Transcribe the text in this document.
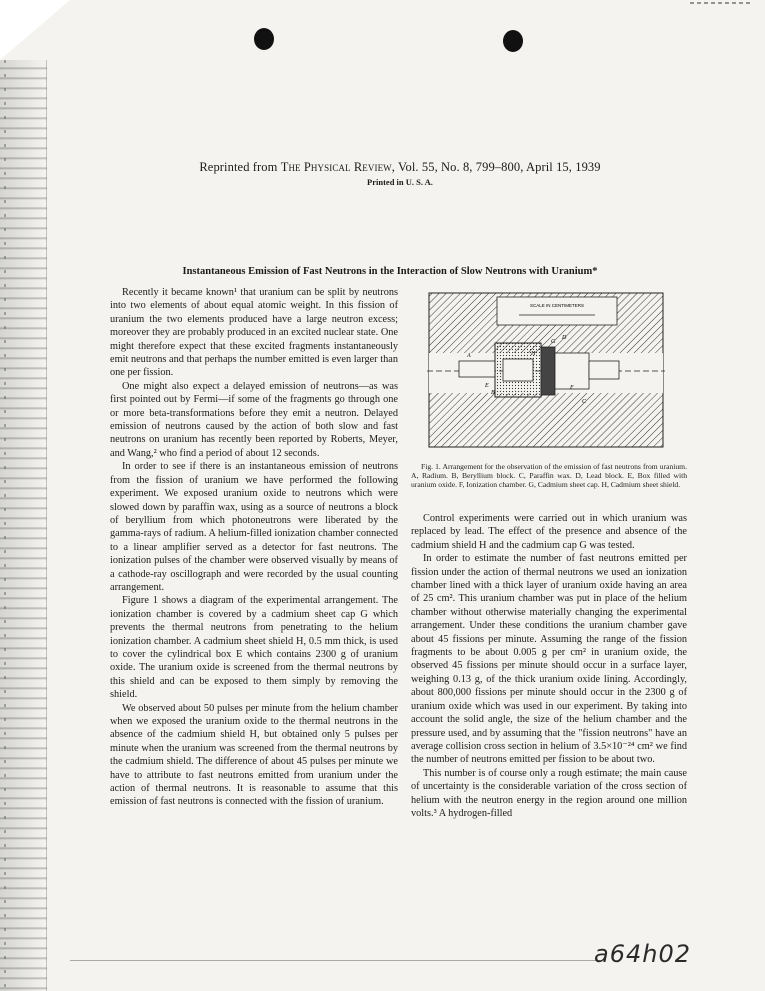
Reprinted from The Physical Review, Vol. 55, No. 8, 799–800, April 15, 1939
Printed in U. S. A.
Instantaneous Emission of Fast Neutrons in the Interaction of Slow Neutrons with Uranium*

Recently it became known¹ that uranium can be split by neutrons into two elements of about equal atomic weight. In this fission of uranium the two elements produced have a large neutron excess; moreover they are probably produced in an excited nuclear state. One might therefore expect that these excited fragments instantaneously emit neutrons and that perhaps the number emitted is even larger than one per fission.

One might also expect a delayed emission of neutrons—as was first pointed out by Fermi—if some of the fragments go through one or more beta-transformations before they emit a neutron. Delayed emission of neutrons caused by the action of both slow and fast neutrons on uranium has recently been reported by Roberts, Meyer, and Wang,² who find a period of about 12 seconds.

In order to see if there is an instantaneous emission of neutrons from the fission of uranium we have performed the following experiment. We exposed uranium oxide to neutrons which were slowed down by paraffin wax, using as a source of neutrons a block of beryllium from which photoneutrons were liberated by the gamma-rays of radium. A helium-filled ionization chamber connected to a linear amplifier served as a detector for fast neutrons. The ionization pulses of the chamber were observed visually by means of a cathode-ray oscillograph and were recorded by the usual counting arrangement.

Figure 1 shows a diagram of the experimental arrangement. The ionization chamber is covered by a cadmium sheet cap G which prevents the thermal neutrons from penetrating to the helium ionization chamber. A cadmium sheet shield H, 0.5 mm thick, is used to cover the cylindrical box E which contains 2300 g of uranium oxide. The uranium oxide is screened from the thermal neutrons by this shield and can be exposed to them simply by removing the shield.

We observed about 50 pulses per minute from the helium chamber when we exposed the uranium oxide to the thermal neutrons in the absence of the cadmium shield H, but obtained only 5 pulses per minute when the uranium was screened from the thermal neutrons by the cadmium shield. The difference of about 45 pulses per minute we have to attribute to fast neutrons emitted from uranium under the action of thermal neutrons. It is reasonable to assume that this emission of fast neutrons is connected with the fission of uranium.

SCALE IN CENTIMETERS
A
B
C
D
E	F
G
H
Fig. 1. Arrangement for the observation of the emission of fast neutrons from uranium. A, Radium. B, Beryllium block. C, Paraffin wax. D, Lead block. E, Box filled with uranium oxide. F, Ionization chamber. G, Cadmium sheet cap. H, Cadmium sheet shield.

Control experiments were carried out in which uranium was replaced by lead. The effect of the presence and absence of the cadmium shield H and the cadmium cap G was tested.

In order to estimate the number of fast neutrons emitted per fission under the action of thermal neutrons we used an ionization chamber lined with a thick layer of uranium oxide having an area of 25 cm². This uranium chamber was put in place of the helium chamber without otherwise materially changing the experimental arrangement. Under these conditions the uranium chamber gave about 45 fissions per minute. Assuming the range of the fission fragments to be about 0.005 g per cm² in uranium oxide, the observed 45 fissions per minute should occur in a surface layer, weighing 0.13 g, of the thick uranium oxide lining. Accordingly, about 800,000 fissions per minute should occur in the 2300 g of uranium oxide which was used in our experiment. By taking into account the solid angle, the size of the helium chamber and the pressure used, and by assuming that the "fission neutrons" have an average collision cross section in helium of 3.5×10⁻²⁴ cm² we find the number of neutrons emitted per fission to be about two.

This number is of course only a rough estimate; the main cause of uncertainty is the considerable variation of the cross section of helium with the neutron energy in the region around one million volts.³ A hydrogen-filled

a64h02
